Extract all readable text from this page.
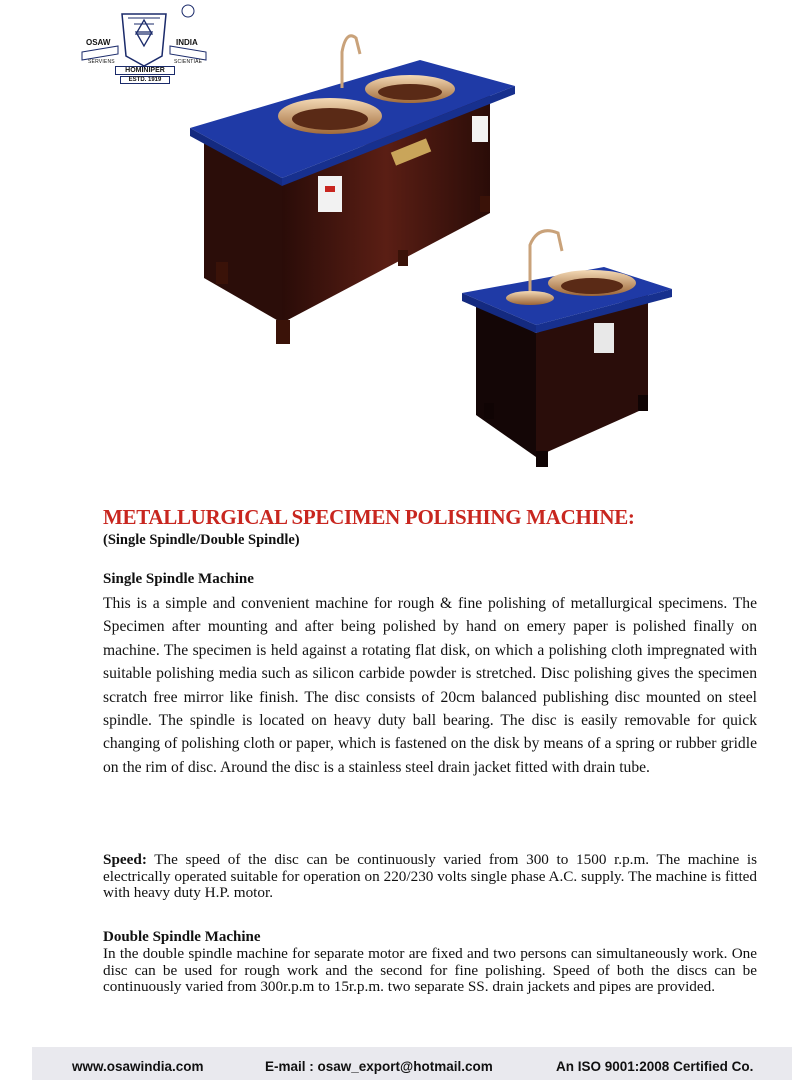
OSAW	INDIA
SERVIENS	SCIENTIAE
HOMINIPER
ESTD. 1919
METALLURGICAL SPECIMEN POLISHING MACHINE:

(Single Spindle/Double Spindle)

Single Spindle Machine

This is a simple and convenient machine for rough & fine polishing of metallurgical specimens. The Specimen after mounting and after being polished by hand on emery paper is polished finally on machine. The specimen is held against a rotating flat disk, on which a polishing cloth impregnated with suitable polishing media such as silicon carbide powder is stretched. Disc polishing gives the specimen scratch free mirror like finish. The disc consists of 20cm balanced publishing disc mounted on steel spindle. The spindle is located on heavy duty ball bearing. The disc is easily removable for quick changing of polishing cloth or paper, which is fastened on the disk by means of a spring or rubber gridle on the rim of disc. Around the disc is a stainless steel drain jacket fitted with drain tube.

Speed: The speed of the disc can be continuously varied from 300 to 1500 r.p.m. The machine is electrically operated suitable for operation on 220/230 volts single phase A.C. supply. The machine is fitted with heavy duty H.P. motor.

Double Spindle Machine

In the double spindle machine for separate motor are fixed and two persons can simultaneously work. One disc can be used for rough work and the second for fine polishing. Speed of both the discs can be continuously varied from 300r.p.m to 15r.p.m. two separate SS. drain jackets and pipes are provided.

www.osawindia.com	E-mail : osaw_export@hotmail.com	An ISO 9001:2008 Certified Co.
